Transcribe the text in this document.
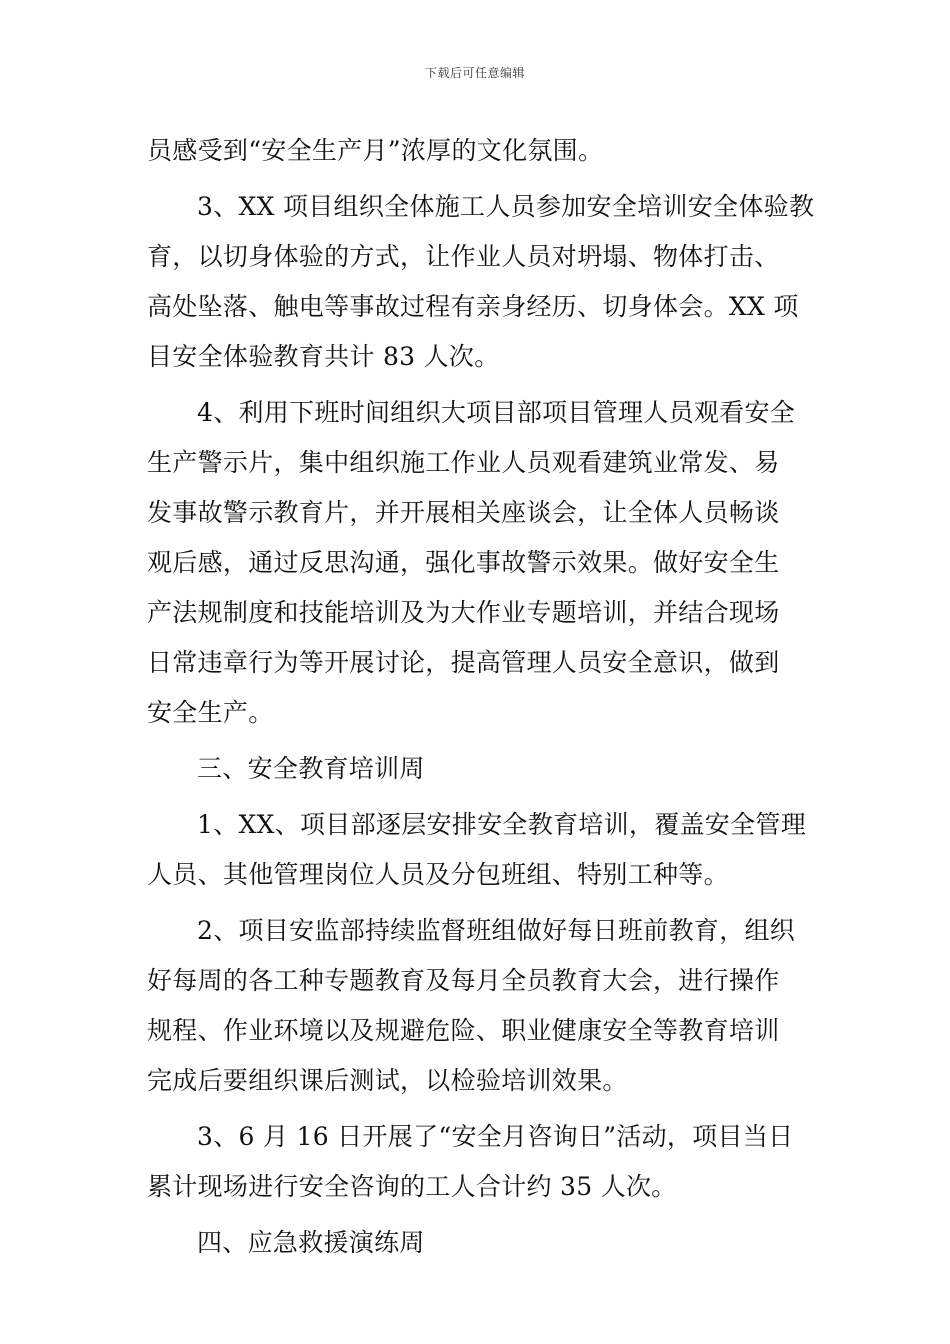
下载后可任意编辑
员感受到“安全生产月”浓厚的文化氛围。
3、XX 项目组织全体施工人员参加安全培训安全体验教
育，以切身体验的方式，让作业人员对坍塌、物体打击、
高处坠落、触电等事故过程有亲身经历、切身体会。XX 项
目安全体验教育共计 83 人次。
4、利用下班时间组织大项目部项目管理人员观看安全
生产警示片，集中组织施工作业人员观看建筑业常发、易
发事故警示教育片，并开展相关座谈会，让全体人员畅谈
观后感，通过反思沟通，强化事故警示效果。做好安全生
产法规制度和技能培训及为大作业专题培训，并结合现场
日常违章行为等开展讨论，提高管理人员安全意识，做到
安全生产。
三、安全教育培训周
1、XX、项目部逐层安排安全教育培训，覆盖安全管理
人员、其他管理岗位人员及分包班组、特别工种等。
2、项目安监部持续监督班组做好每日班前教育，组织
好每周的各工种专题教育及每月全员教育大会，进行操作
规程、作业环境以及规避危险、职业健康安全等教育培训
完成后要组织课后测试，以检验培训效果。
3、6 月 16 日开展了“安全月咨询日”活动，项目当日
累计现场进行安全咨询的工人合计约 35 人次。
四、应急救援演练周
